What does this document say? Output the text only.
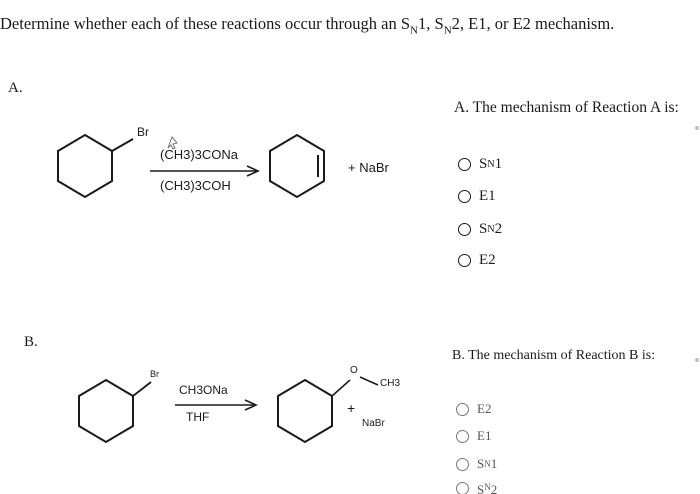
Determine whether each of these reactions occur through an $S_N1$, $S_N2$, E1, or E2 mechanism.
A.
Br
(CH3)3CONa
(CH3)3COH
+ NaBr
A. The mechanism of Reaction A is:
S N 1
E1
S N 2
E2
B.
Br
CH3ONa
THF
O
CH3
+
NaBr
B. The mechanism of Reaction B is:
E2
E1
S N 1
$S^N$ 2
